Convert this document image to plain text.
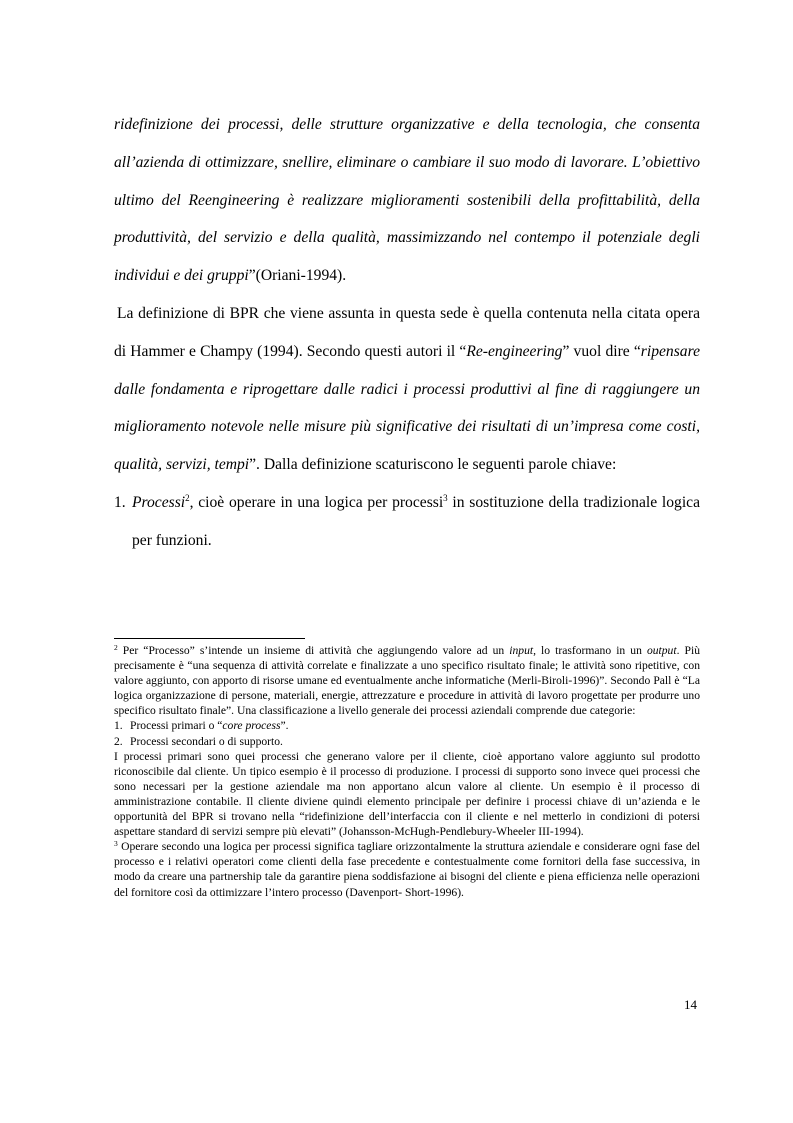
ridefinizione dei processi, delle strutture organizzative e della tecnologia, che consenta all’azienda di ottimizzare, snellire, eliminare o cambiare il suo modo di lavorare. L’obiettivo ultimo del Reengineering è realizzare miglioramenti sostenibili della profittabilità, della produttività, del servizio e della qualità, massimizzando nel contempo il potenziale degli individui e dei gruppi”(Oriani-1994).

La definizione di BPR che viene assunta in questa sede è quella contenuta nella citata opera di Hammer e Champy (1994). Secondo questi autori il “Re-engineering” vuol dire “ripensare dalle fondamenta e riprogettare dalle radici i processi produttivi al fine di raggiungere un miglioramento notevole nelle misure più significative dei risultati di un’impresa come costi, qualità, servizi, tempi”. Dalla definizione scaturiscono le seguenti parole chiave:

1. Processi$^2$, cioè operare in una logica per processi$^3$ in sostituzione della tradizionale logica per funzioni.

$^2$ Per “Processo” s’intende un insieme di attività che aggiungendo valore ad un input, lo trasformano in un output. Più precisamente è “una sequenza di attività correlate e finalizzate a uno specifico risultato finale; le attività sono ripetitive, con valore aggiunto, con apporto di risorse umane ed eventualmente anche informatiche (Merli-Biroli-1996)”. Secondo Pall è “La logica organizzazione di persone, materiali, energie, attrezzature e procedure in attività di lavoro progettate per produrre uno specifico risultato finale”. Una classificazione a livello generale dei processi aziendali comprende due categorie:

1. Processi primari o “core process”.

2. Processi secondari o di supporto.

I processi primari sono quei processi che generano valore per il cliente, cioè apportano valore aggiunto sul prodotto riconoscibile dal cliente. Un tipico esempio è il processo di produzione. I processi di supporto sono invece quei processi che sono necessari per la gestione aziendale ma non apportano alcun valore al cliente. Un esempio è il processo di amministrazione contabile. Il cliente diviene quindi elemento principale per definire i processi chiave di un’azienda e le opportunità del BPR si trovano nella “ridefinizione dell’interfaccia con il cliente e nel metterlo in condizioni di potersi aspettare standard di servizi sempre più elevati” (Johansson-McHugh-Pendlebury-Wheeler III-1994).

$^3$ Operare secondo una logica per processi significa tagliare orizzontalmente la struttura aziendale e considerare ogni fase del processo e i relativi operatori come clienti della fase precedente e contestualmente come fornitori della fase successiva, in modo da creare una partnership tale da garantire piena soddisfazione ai bisogni del cliente e piena efficienza nelle operazioni del fornitore così da ottimizzare l’intero processo (Davenport- Short-1996).

14
